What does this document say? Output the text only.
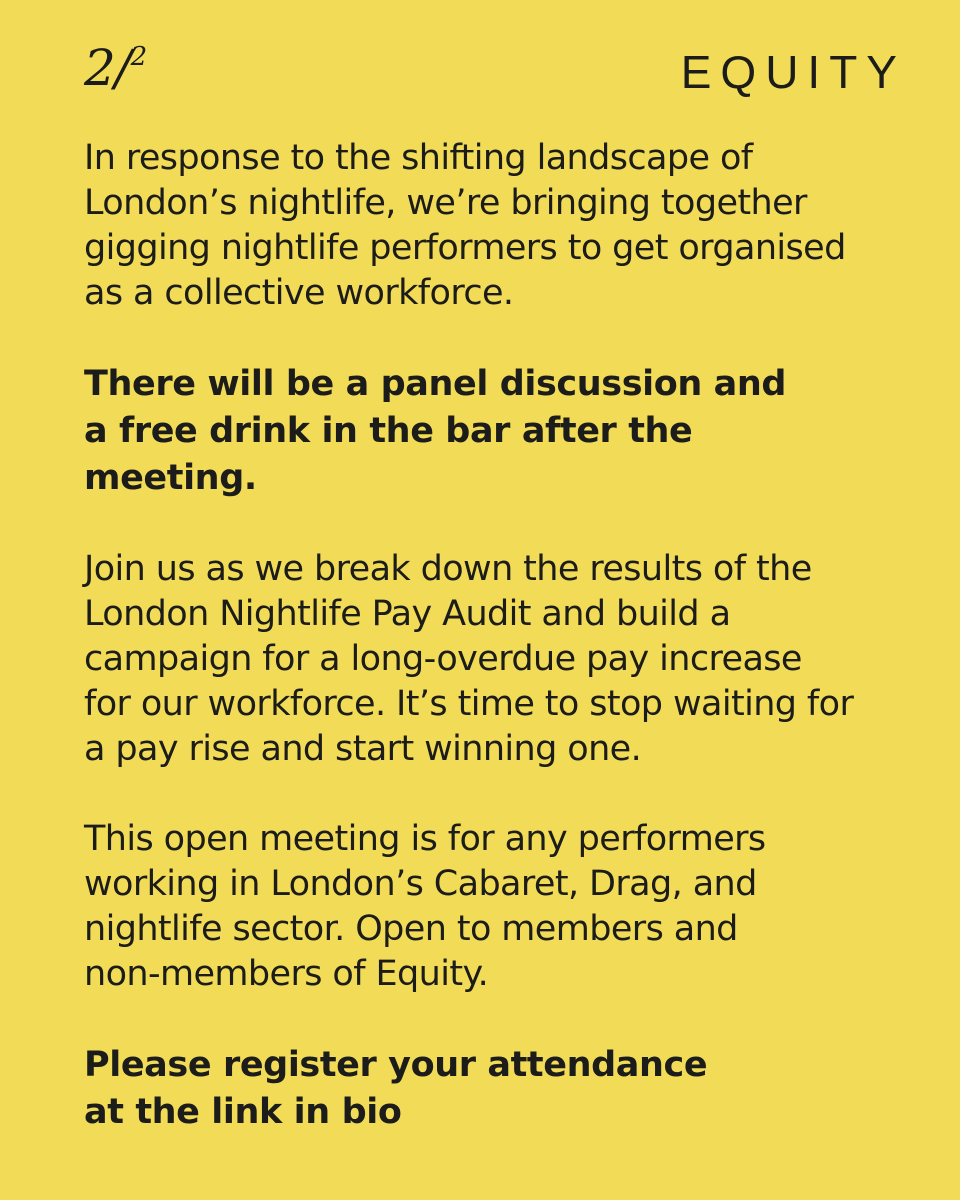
2/$^2$	EQUITY

In response to the shifting landscape of
London’s nightlife, we’re bringing together
gigging nightlife performers to get organised
as a collective workforce.

There will be a panel discussion and
a free drink in the bar after the
meeting.

Join us as we break down the results of the
London Nightlife Pay Audit and build a
campaign for a long-overdue pay increase
for our workforce. It’s time to stop waiting for
a pay rise and start winning one.

This open meeting is for any performers
working in London’s Cabaret, Drag, and
nightlife sector. Open to members and
non-members of Equity.

Please register your attendance
at the link in bio
